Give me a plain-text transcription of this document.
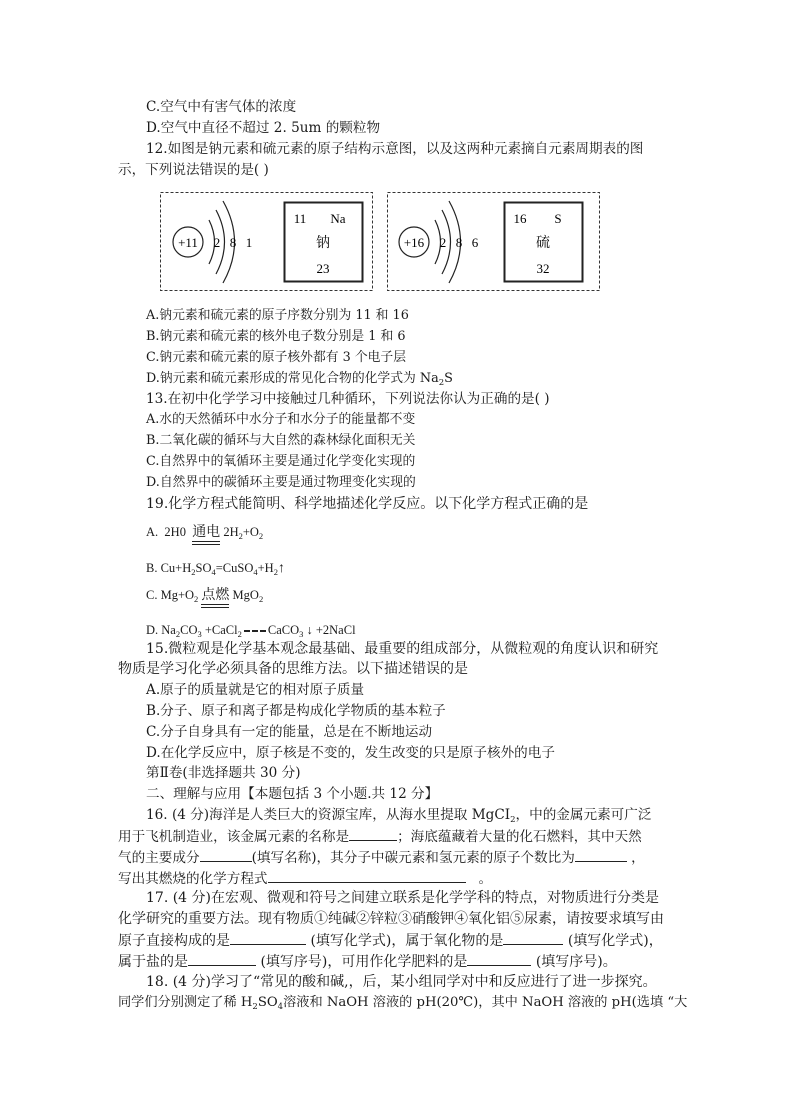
C.空气中有害气体的浓度
D.空气中直径不超过 2. 5um 的颗粒物
12.如图是钠元素和硫元素的原子结构示意图，以及这两种元素摘自元素周期表的图
示，下列说法错误的是( )
+11 2 8 1
11 Na
钠
23
+16 2 8 6
16 S
硫
32
A.钠元素和硫元素的原子序数分别为 11 和 16
B.钠元素和硫元素的核外电子数分别是 1 和 6
C.钠元素和硫元素的原子核外都有 3 个电子层
D.钠元素和硫元素形成的常见化合物的化学式为 $Na_2S$
13.在初中化学学习中接触过几种循环，下列说法你认为正确的是( )
A.水的天然循环中水分子和水分子的能量都不变
B.二氧化碳的循环与大自然的森林绿化面积无关
C.自然界中的氧循环主要是通过化学变化实现的
D.自然界中的碳循环主要是通过物理变化实现的
19.化学方程式能简明、科学地描述化学反应。以下化学方程式正确的是
A. 2H0 通电 $2H_2+O_2$
B. $Cu+H_2SO_4=CuSO_4+H_2↑$
C. $Mg+O_2$ 点燃 MgO$_2$
D. $Na_2CO_3$ +CaCl$_2$ CaCO$_3$ ↓ +2NaCl
15.微粒观是化学基本观念最基础、最重要的组成部分，从微粒观的角度认识和研究
物质是学习化学必须具备的思维方法。以下描述错误的是
A.原子的质量就是它的相对原子质量
B.分子、原子和离子都是构成化学物质的基本粒子
C.分子自身具有一定的能量，总是在不断地运动
D.在化学反应中，原子核是不变的，发生改变的只是原子核外的电子
第Ⅱ卷(非选择题共 30 分)
二、理解与应用【本题包括 3 个小题.共 12 分】
16. (4 分)海洋是人类巨大的资源宝库，从海水里提取 MgCI$_2$，中的金属元素可广泛
用于飞机制造业，该金属元素的名称是	；海底蕴藏着大量的化石燃料，其中天然
气的主要成分	(填写名称)，其分子中碳元素和氢元素的原子个数比为	，
写出其燃烧的化学方程式	。
17. (4 分)在宏观、微观和符号之间建立联系是化学学科的特点，对物质进行分类是
化学研究的重要方法。现有物质①纯碱②锌粒③硝酸钾④氧化铝⑤尿素，请按要求填写由
原子直接构成的是	(填写化学式)，属于氧化物的是	(填写化学式)，
属于盐的是	(填写序号)，可用作化学肥料的是	(填写序号)。
18. (4 分)学习了“常见的酸和碱,，后，某小组同学对中和反应进行了进一步探究。
同学们分别测定了稀 $H_2SO_4$溶液和 NaOH 溶液的 pH(20℃)，其中 NaOH 溶液的 pH(选填 “大
